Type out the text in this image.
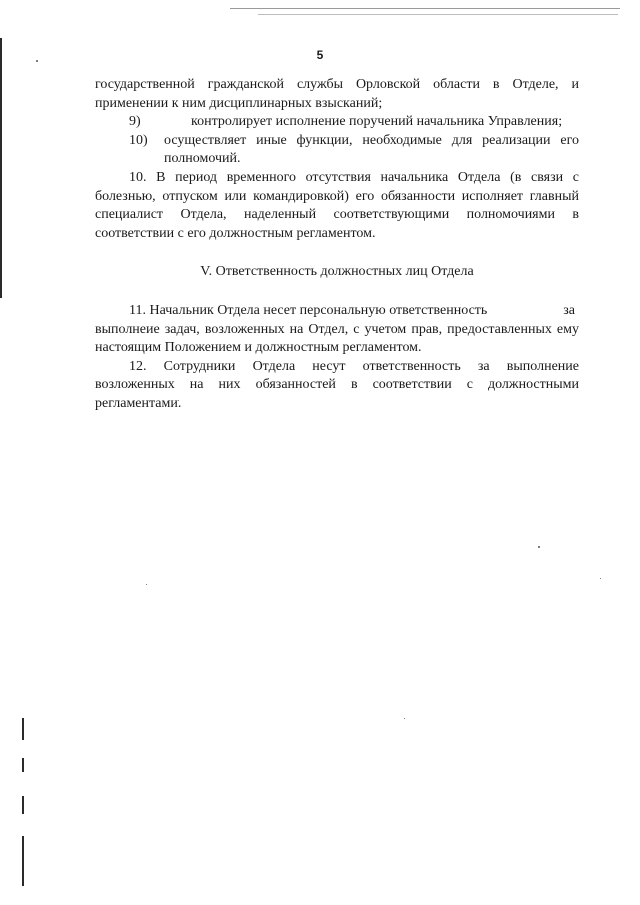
5

государственной гражданской службы Орловской области в Отделе, и применении к ним дисциплинарных взысканий;

9)	контролирует исполнение поручений начальника Управления;

10)	осуществляет иные функции, необходимые для реализации его полномочий.

10. В период временного отсутствия начальника Отдела (в связи с болезнью, отпуском или командировкой) его обязанности исполняет главный специалист Отдела, наделенный соответствующими полномочиями в соответствии с его должностным регламентом.

V. Ответственность должностных лиц Отдела

11. Начальник Отдела несет персональную ответственность	за

выполнеие задач, возложенных на Отдел, с учетом прав, предоставленных ему настоящим Положением и должностным регламентом.

12. Сотрудники Отдела несут ответственность за выполнение возложенных на них обязанностей в соответствии с должностными регламентами.
